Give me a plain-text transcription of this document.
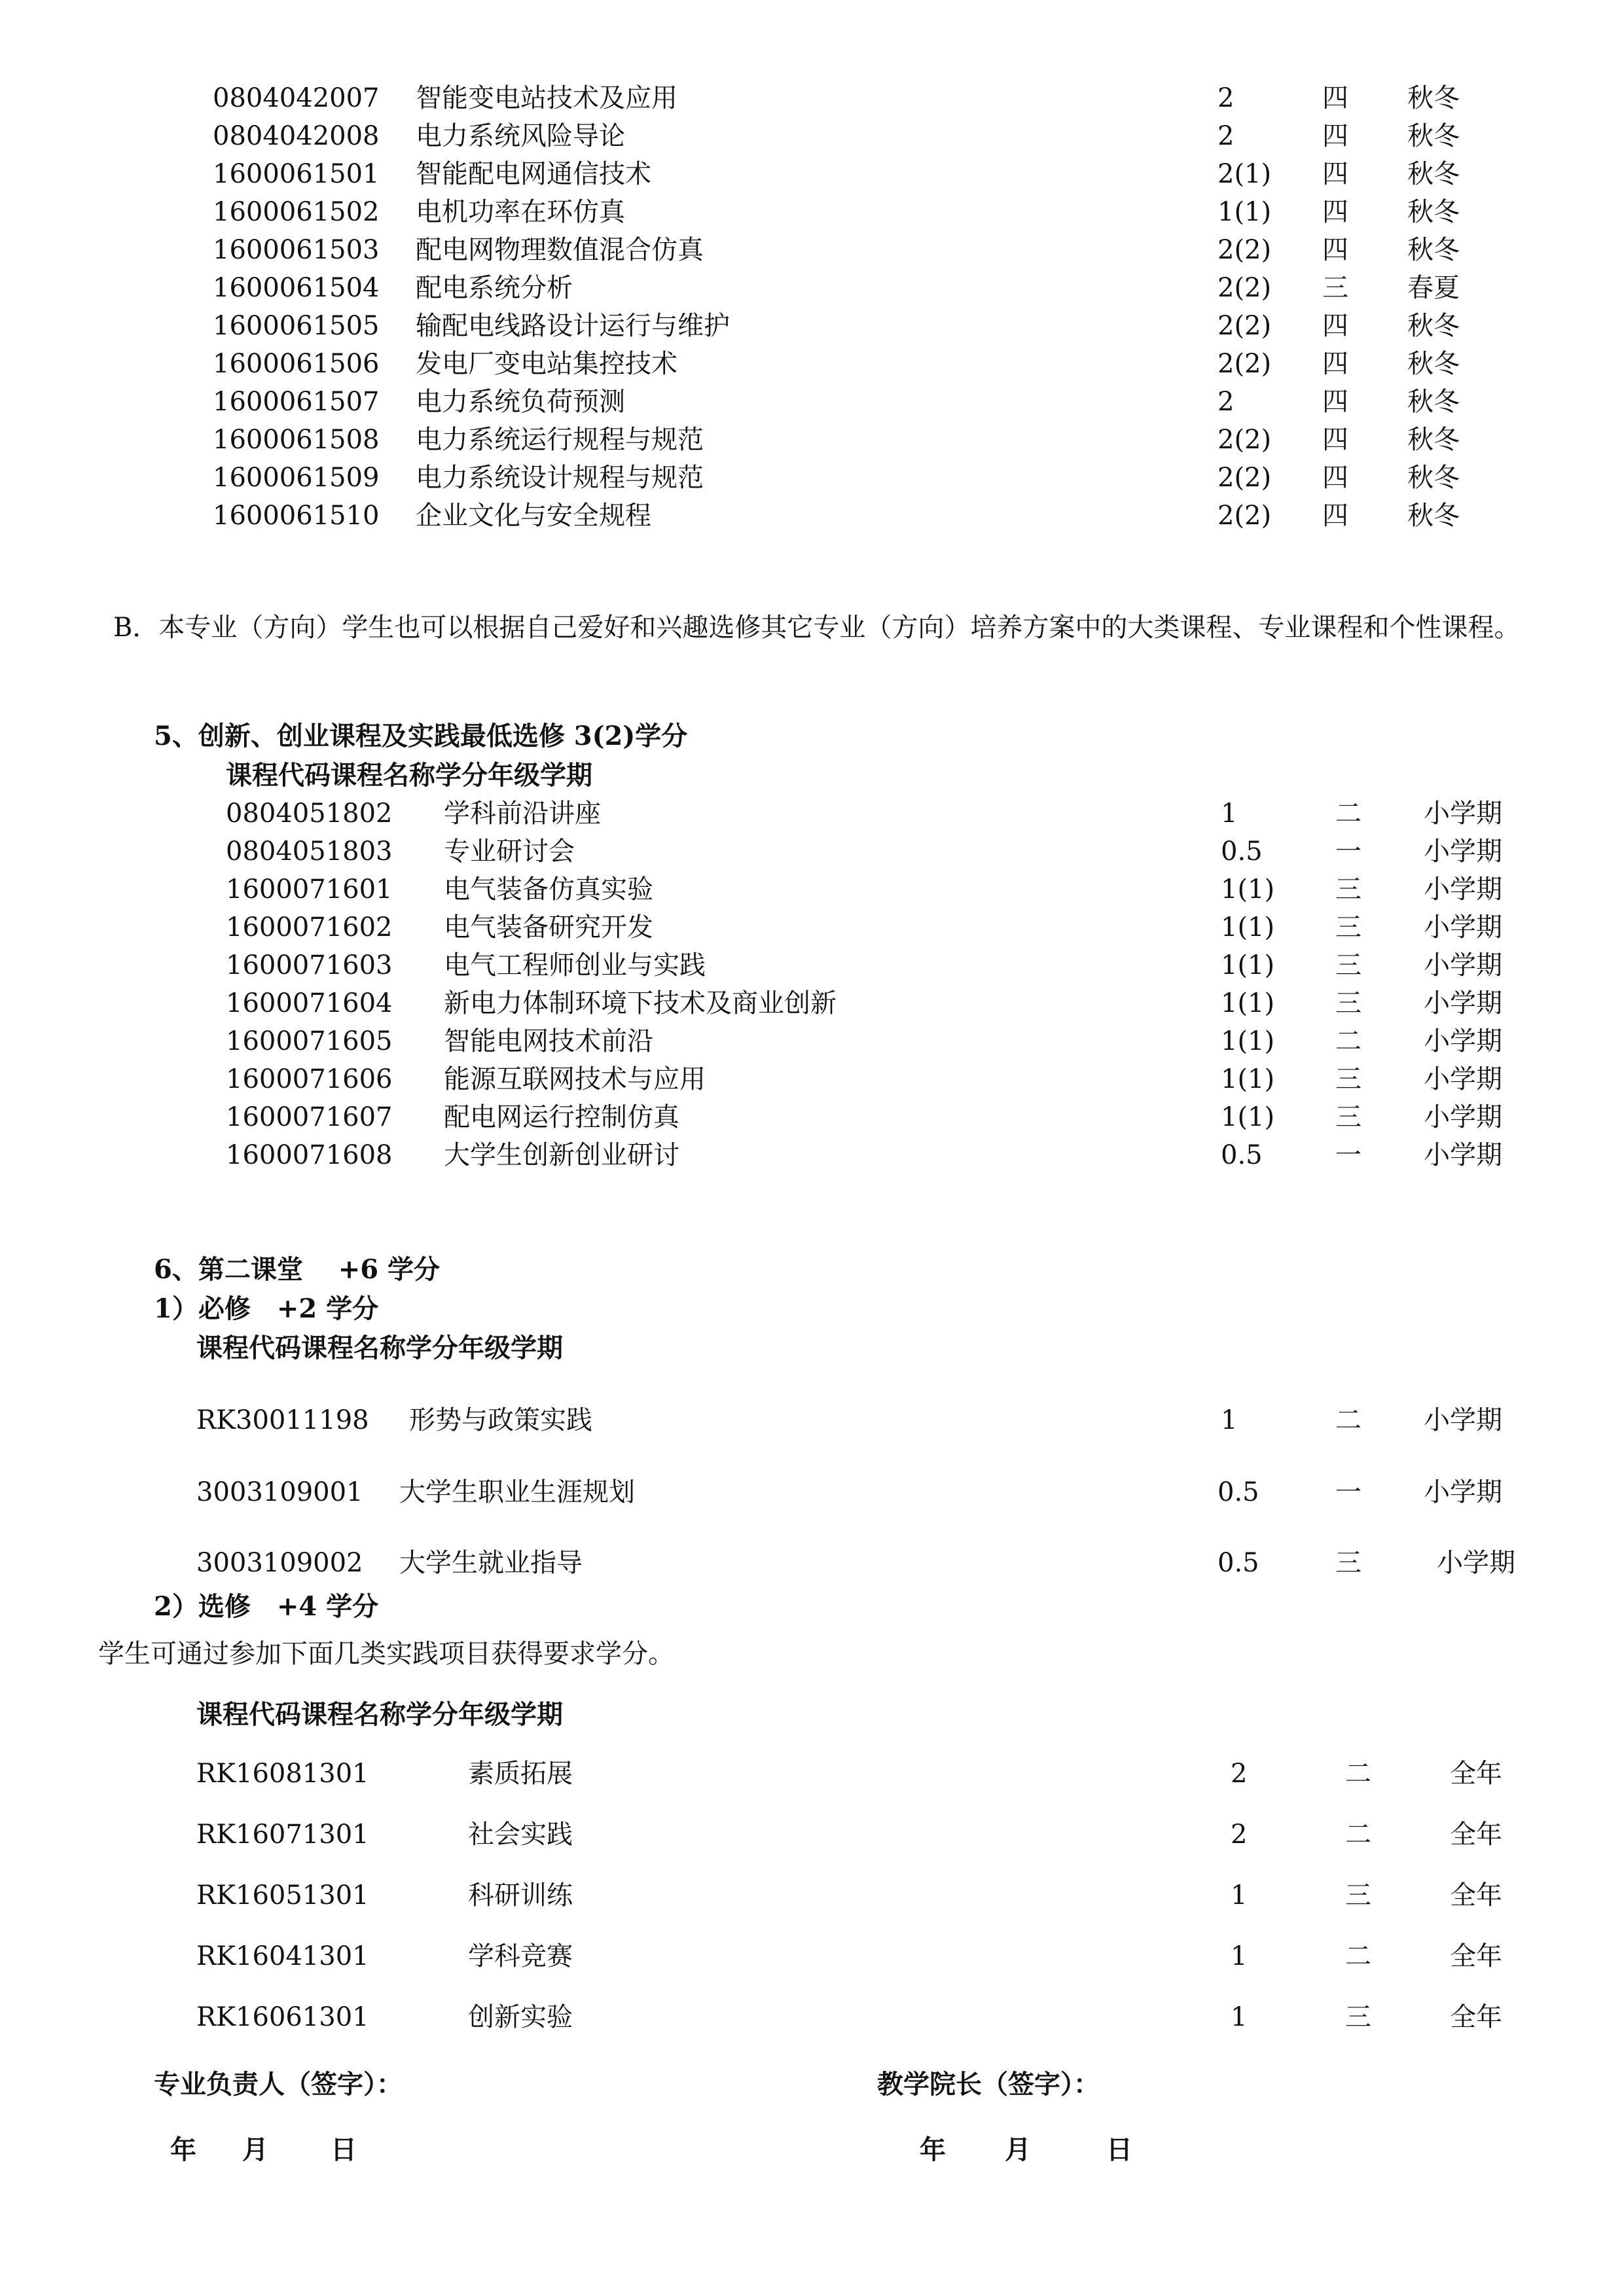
0804042007 智能变电站技术及应用	2	四 秋冬
0804042008 电力系统风险导论	2	四 秋冬
1600061501 智能配电网通信技术	2(1) 四 秋冬
1600061502 电机功率在环仿真	1(1) 四 秋冬
1600061503 配电网物理数值混合仿真	2(2) 四 秋冬
1600061504 配电系统分析	2(2) 三 春夏
1600061505 输配电线路设计运行与维护	2(2) 四 秋冬
1600061506 发电厂变电站集控技术	2(2) 四 秋冬
1600061507 电力系统负荷预测	2	四 秋冬
1600061508 电力系统运行规程与规范	2(2) 四 秋冬
1600061509 电力系统设计规程与规范	2(2) 四 秋冬
1600061510 企业文化与安全规程	2(2) 四 秋冬
B．本专业（方向）学生也可以根据自己爱好和兴趣选修其它专业（方向）培养方案中的大类课程、专业课程和个性课程。
5、创新、创业课程及实践最低选修 3(2)学分
课程代码课程名称学分年级学期
0804051802 学科前沿讲座	1	二 小学期
0804051803 专业研讨会	0.5	一 小学期
1600071601 电气装备仿真实验	1(1) 三 小学期
1600071602 电气装备研究开发	1(1) 三 小学期
1600071603 电气工程师创业与实践	1(1) 三 小学期
1600071604 新电力体制环境下技术及商业创新	1(1) 三 小学期
1600071605 智能电网技术前沿	1(1) 二 小学期
1600071606 能源互联网技术与应用	1(1) 三 小学期
1600071607 配电网运行控制仿真	1(1) 三 小学期
1600071608 大学生创新创业研讨	0.5	一 小学期
6、第二课堂　 +6 学分
1）必修　+2 学分
课程代码课程名称学分年级学期
RK30011198 形势与政策实践	1	二 小学期
3003109001 大学生职业生涯规划	0.5	一 小学期
3003109002 大学生就业指导	0.5	三	小学期
2）选修　+4 学分
学生可通过参加下面几类实践项目获得要求学分。
课程代码课程名称学分年级学期
RK16081301	素质拓展	2	二	全年
RK16071301	社会实践	2	二	全年
RK16051301	科研训练	1	三	全年
RK16041301	学科竞赛	1	二	全年
RK16061301	创新实验	1	三	全年
专业负责人（签字）：	教学院长（签字）：
年 月 日	年 月	日
